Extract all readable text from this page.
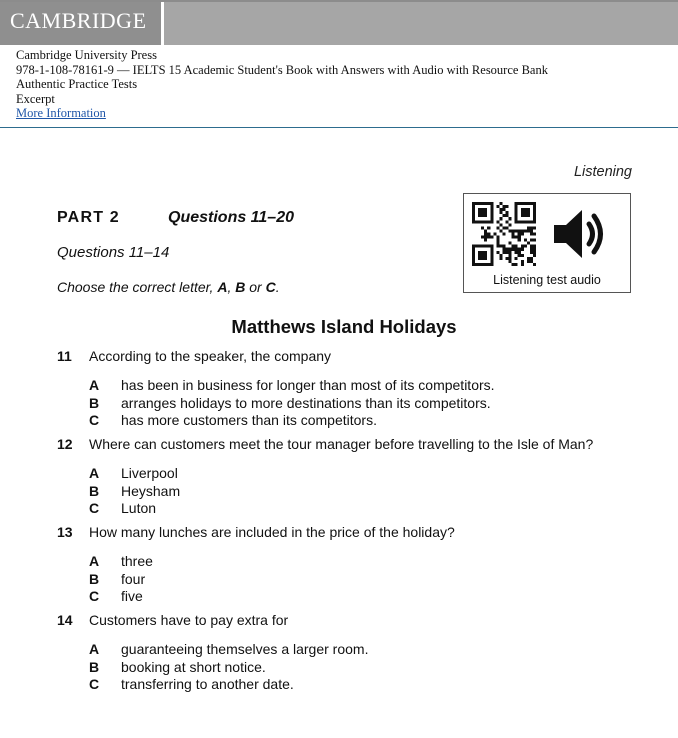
CAMBRIDGE
Cambridge University Press
978-1-108-78161-9 — IELTS 15 Academic Student's Book with Answers with Audio with Resource Bank
Authentic Practice Tests
Excerpt
More Information
Listening
PART 2	Questions 11–20
Questions 11–14
Choose the correct letter, A, B or C.	Listening test audio
Matthews Island Holidays
11 According to the speaker, the company
A has been in business for longer than most of its competitors.
B arranges holidays to more destinations than its competitors.
C has more customers than its competitors.
12 Where can customers meet the tour manager before travelling to the Isle of Man?
A Liverpool
B Heysham
C Luton
13 How many lunches are included in the price of the holiday?
A three
B four
C five
14 Customers have to pay extra for
A guaranteeing themselves a larger room.
B booking at short notice.
C transferring to another date.
